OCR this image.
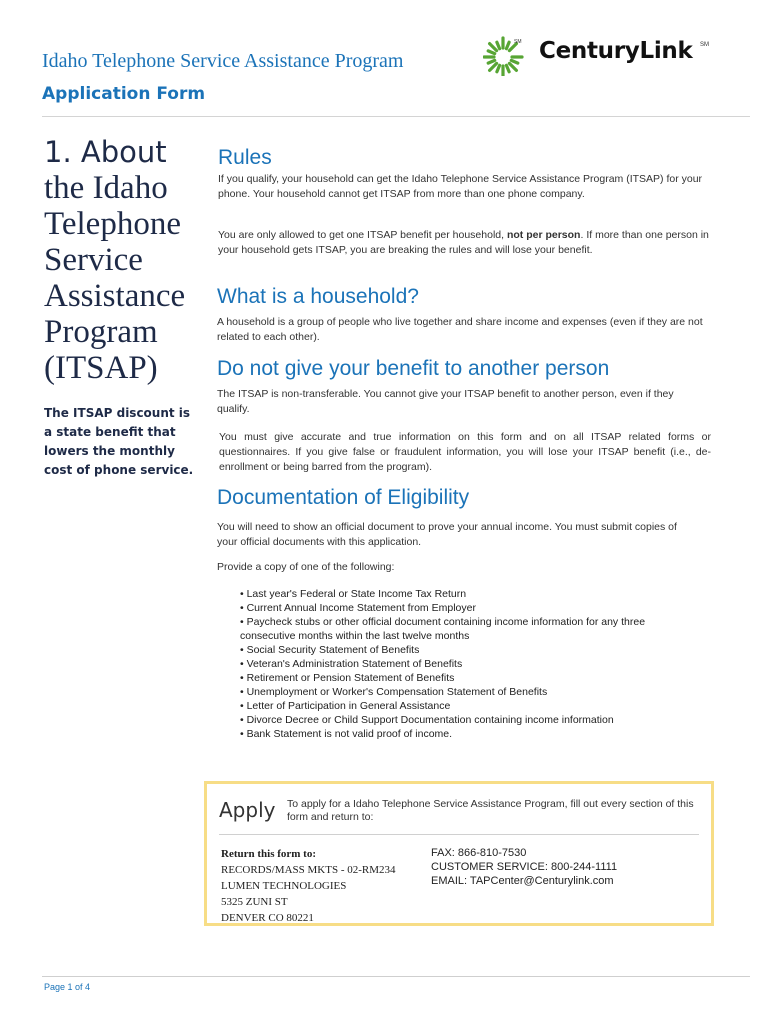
Idaho Telephone Service Assistance Program
Application Form
SM CenturyLink SM
1. About
the Idaho Telephone Service Assistance Program (ITSAP)
The ITSAP discount is a state benefit that lowers the monthly cost of phone service.
Rules
If you qualify, your household can get the Idaho Telephone Service Assistance Program (ITSAP) for your phone. Your household cannot get ITSAP from more than one phone company.
You are only allowed to get one ITSAP benefit per household, not per person. If more than one person in your household gets ITSAP, you are breaking the rules and will lose your benefit.
What is a household?
A household is a group of people who live together and share income and expenses (even if they are not related to each other).
Do not give your benefit to another person
The ITSAP is non-transferable. You cannot give your ITSAP benefit to another person, even if they qualify.
You must give accurate and true information on this form and on all ITSAP related forms or questionnaires. If you give false or fraudulent information, you will lose your ITSAP benefit (i.e., de-enrollment or being barred from the program).
Documentation of Eligibility
You will need to show an official document to prove your annual income. You must submit copies of your official documents with this application.
Provide a copy of one of the following:
• Last year's Federal or State Income Tax Return
• Current Annual Income Statement from Employer
• Paycheck stubs or other official document containing income information for any three consecutive months within the last twelve months
• Social Security Statement of Benefits
• Veteran's Administration Statement of Benefits
• Retirement or Pension Statement of Benefits
• Unemployment or Worker's Compensation Statement of Benefits
• Letter of Participation in General Assistance
• Divorce Decree or Child Support Documentation containing income information
• Bank Statement is not valid proof of income.
Apply To apply for a Idaho Telephone Service Assistance Program, fill out every section of this form and return to:
Return this form to:
RECORDS/MASS MKTS - 02-RM234
LUMEN TECHNOLOGIES
5325 ZUNI ST
DENVER CO 80221
FAX: 866-810-7530
CUSTOMER SERVICE: 800-244-1111
EMAIL: TAPCenter@Centurylink.com
Page 1 of 4
